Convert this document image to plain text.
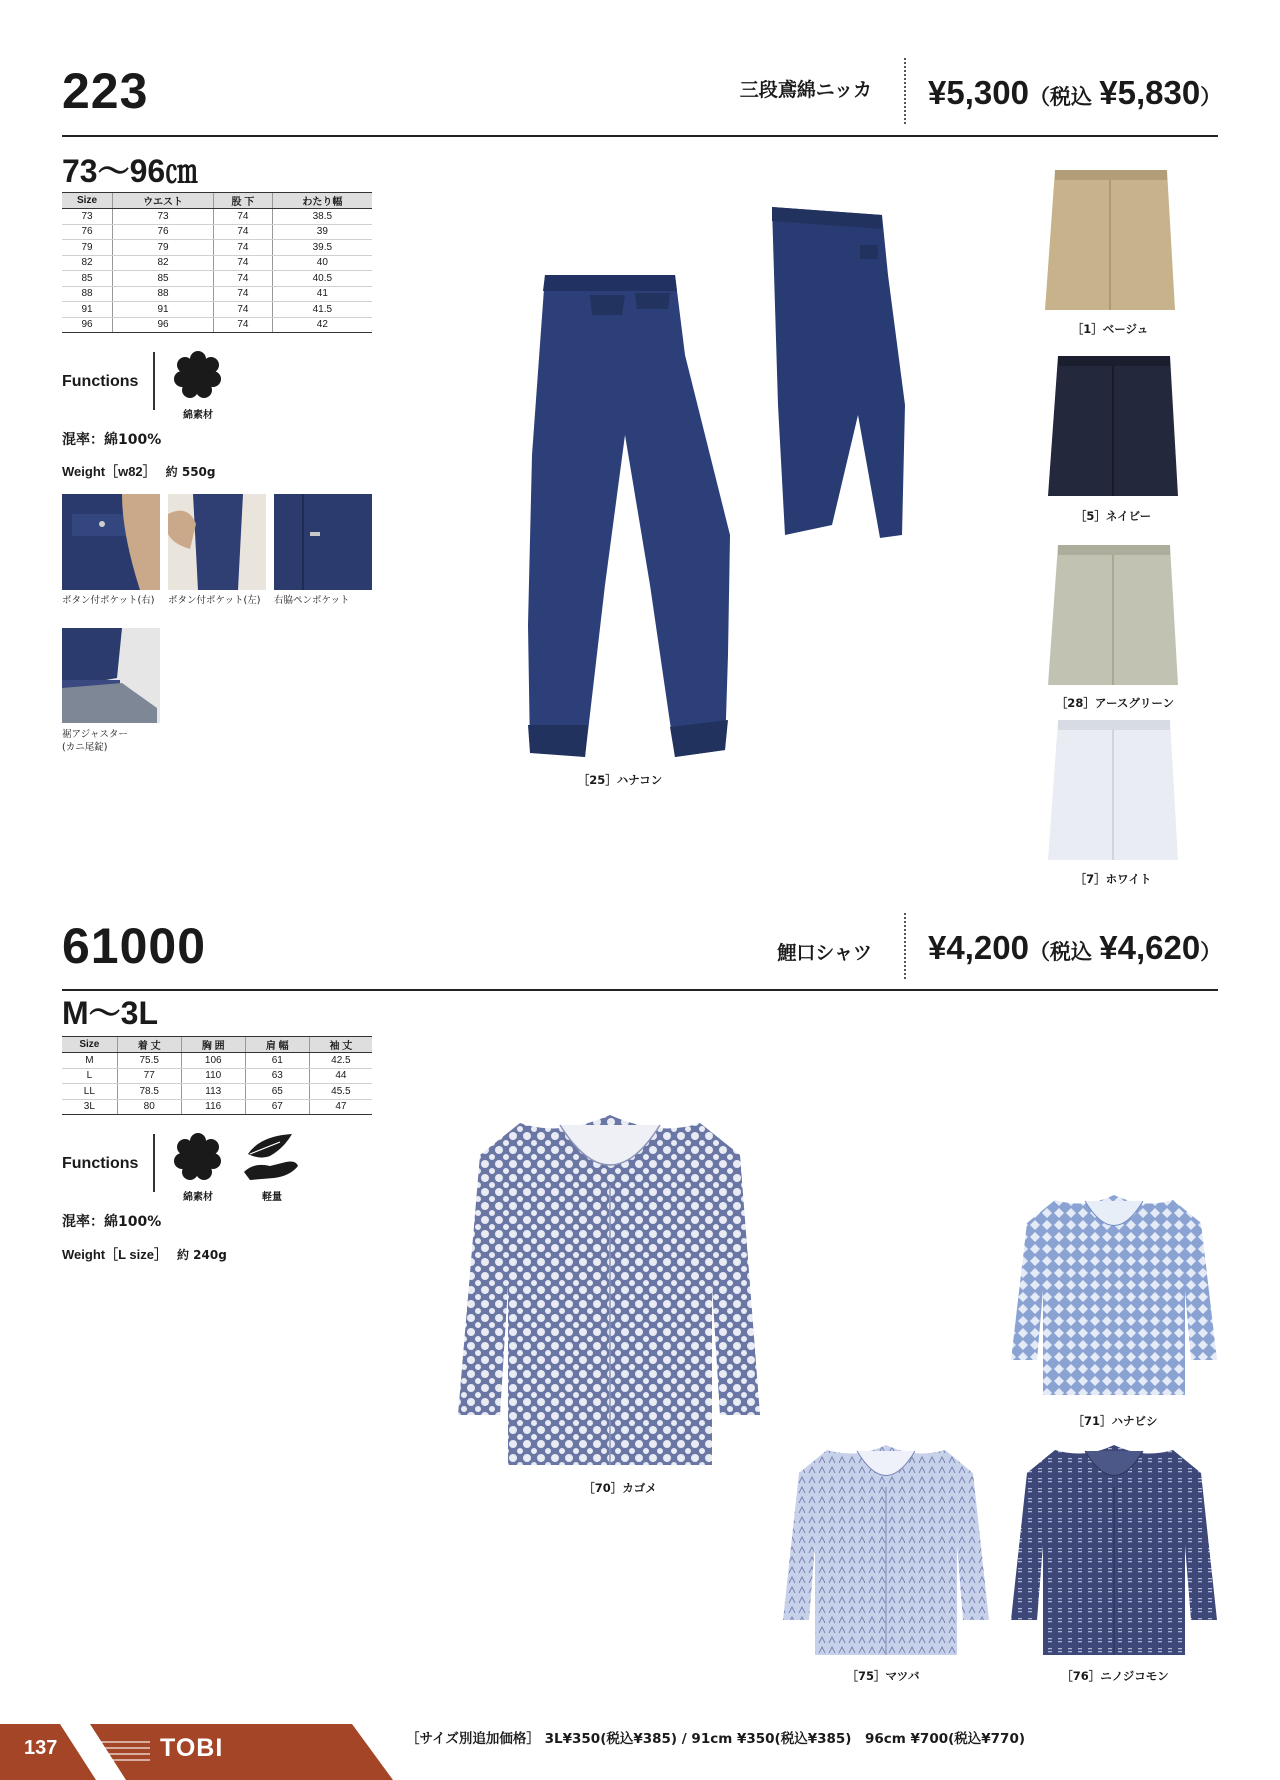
223	三段鳶綿ニッカ ¥5,300（税込 ¥5,830）
73〜96㎝
Size	ウエスト	股 下	わたり幅
73	73	74	38.5
76	76	74	39
79	79	74	39.5
82	82	74	40
85	85	74	40.5
88	88	74	41
91	91	74	41.5
96	96	74	42
Functions
綿素材
混率：綿100%
Weight［w82］ 約 550g
ボタン付ポケット(右)	ボタン付ポケット(左)	右脇ペンポケット
裾アジャスター
(カニ尾錠)
［25］ハナコン
［1］ベージュ
［5］ネイビー
［28］アースグリーン
［7］ホワイト
61000	鯉口シャツ ¥4,200（税込 ¥4,620）
M〜3L
Size	着 丈	胸 囲	肩 幅	袖 丈
M	75.5	106	61	42.5
L	77	110	63	44
LL	78.5	113	65	45.5
3L	80	116	67	47
Functions
綿素材	軽量
混率：綿100%
Weight［L size］ 約 240g
［70］カゴメ
［71］ハナビシ
［75］マツバ	［76］ニノジコモン
137	TOBI	［サイズ別追加価格］ 3L¥350(税込¥385) / 91cm ¥350(税込¥385)　96cm ¥700(税込¥770)
